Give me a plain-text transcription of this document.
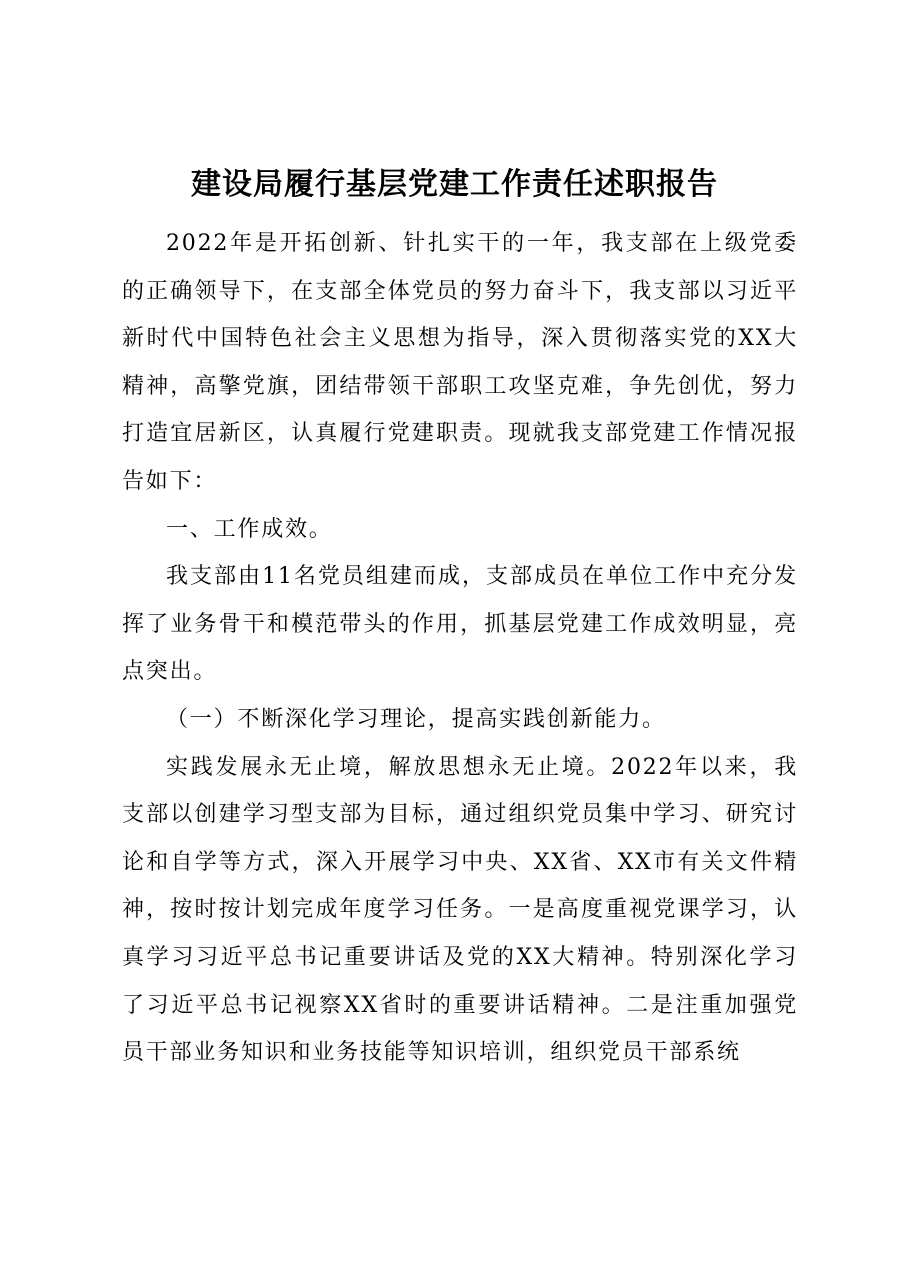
建设局履行基层党建工作责任述职报告

2022年是开拓创新、针扎实干的一年，我支部在上级党委的正确领导下，在支部全体党员的努力奋斗下，我支部以习近平新时代中国特色社会主义思想为指导，深入贯彻落实党的XX大精神，高擎党旗，团结带领干部职工攻坚克难，争先创优，努力打造宜居新区，认真履行党建职责。现就我支部党建工作情况报告如下：

一、工作成效。

我支部由11名党员组建而成，支部成员在单位工作中充分发挥了业务骨干和模范带头的作用，抓基层党建工作成效明显，亮点突出。

（一）不断深化学习理论，提高实践创新能力。

实践发展永无止境，解放思想永无止境。2022年以来，我支部以创建学习型支部为目标，通过组织党员集中学习、研究讨论和自学等方式，深入开展学习中央、XX省、XX市有关文件精神，按时按计划完成年度学习任务。一是高度重视党课学习，认真学习习近平总书记重要讲话及党的XX大精神。特别深化学习了习近平总书记视察XX省时的重要讲话精神。二是注重加强党员干部业务知识和业务技能等知识培训，组织党员干部系统
